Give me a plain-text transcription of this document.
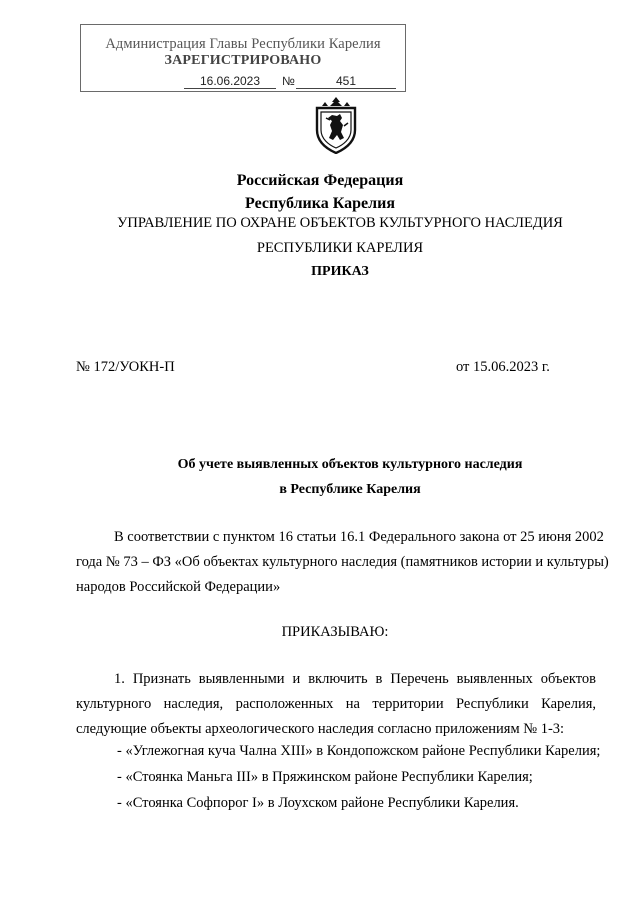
Администрация Главы Республики Карелия
ЗАРЕГИСТРИРОВАНО
16.06.2023	№	451
Российская Федерация
Республика Карелия
УПРАВЛЕНИЕ ПО ОХРАНЕ ОБЪЕКТОВ КУЛЬТУРНОГО НАСЛЕДИЯ
РЕСПУБЛИКИ КАРЕЛИЯ
ПРИКАЗ
№ 172/УОКН-П	от 15.06.2023 г.
Об учете выявленных объектов культурного наследия
в Республике Карелия
В соответствии с пунктом 16 статьи 16.1 Федерального закона от 25 июня 2002
года № 73 – ФЗ «Об объектах культурного наследия (памятников истории и культуры)
народов Российской Федерации»
ПРИКАЗЫВАЮ:
1. Признать выявленными и включить в Перечень выявленных объектов
культурного наследия, расположенных на территории Республики Карелия,
следующие объекты археологического наследия согласно приложениям № 1-3:
- «Углежогная куча Чална XIII» в Кондопожском районе Республики Карелия;
- «Стоянка Маньга III» в Пряжинском районе Республики Карелия;
- «Стоянка Софпорог I» в Лоухском районе Республики Карелия.
